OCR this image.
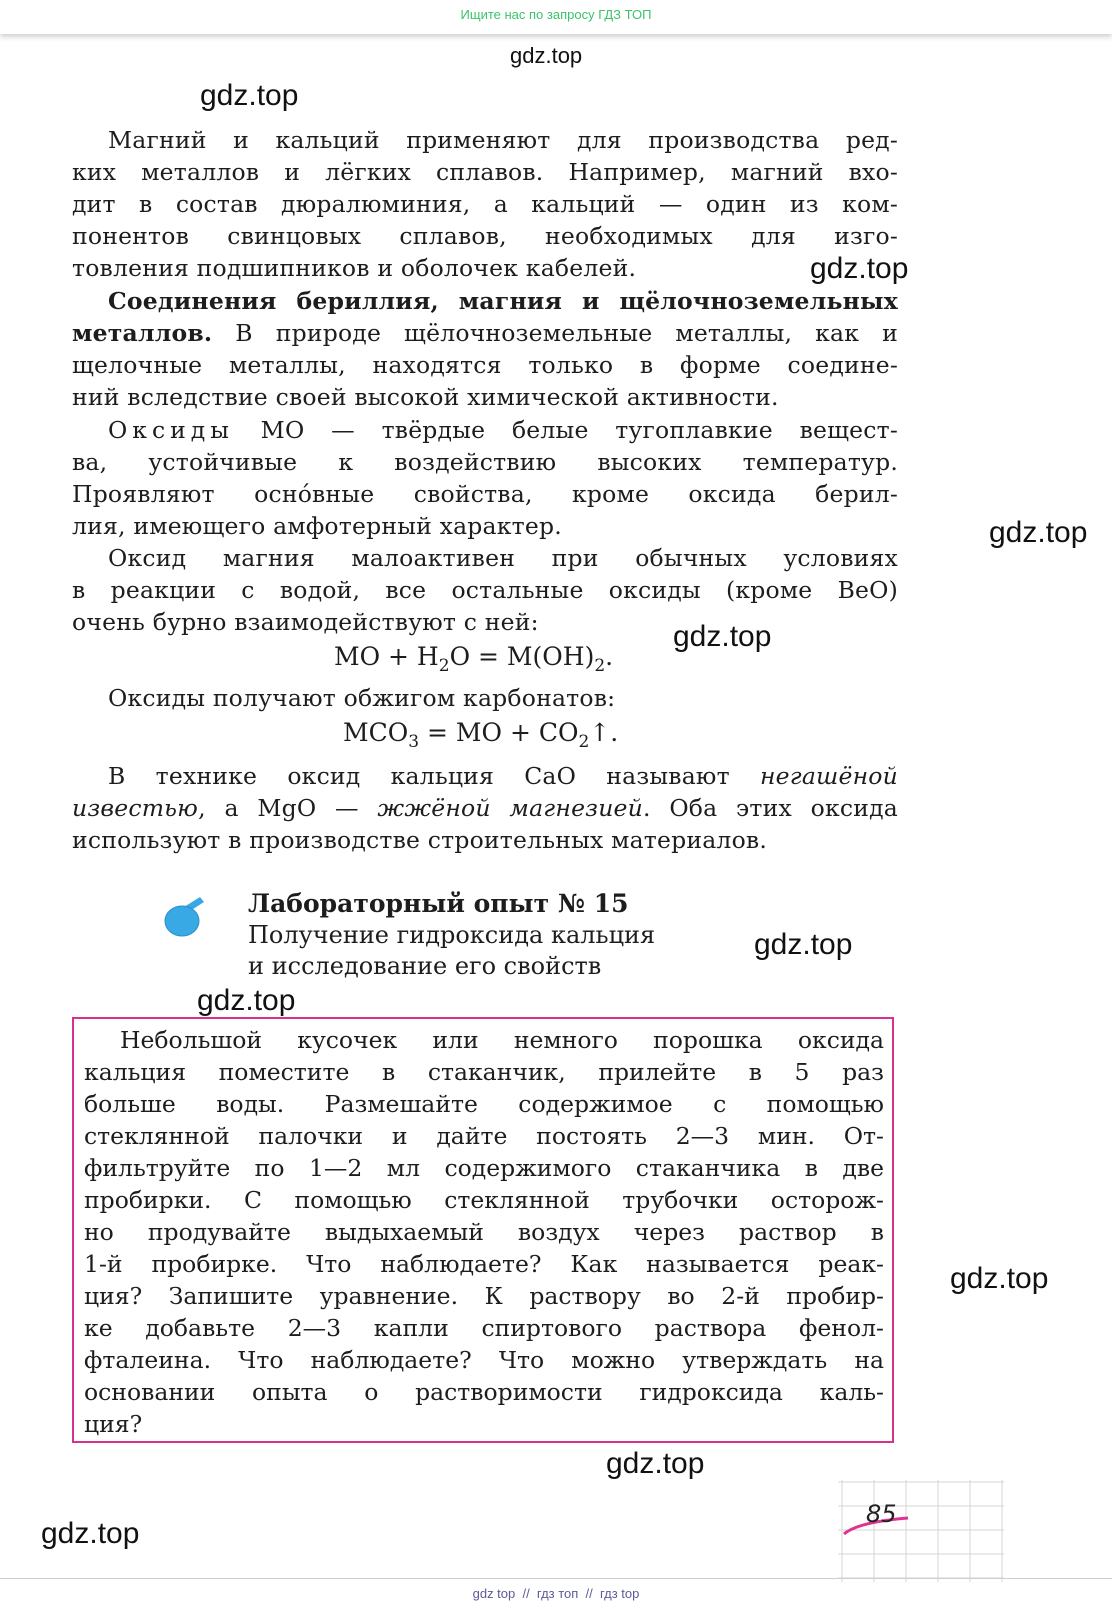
Ищите нас по запросу ГДЗ ТОП
gdz.top
gdz.top
gdz.top
gdz.top
gdz.top
gdz.top
gdz.top
gdz.top
gdz.top
gdz.top
Магний и кальций применяют для производства ред-
ких металлов и лёгких сплавов. Например, магний вхо-
дит в состав дюралюминия, а кальций — один из ком-
понентов свинцовых сплавов, необходимых для изго-
товления подшипников и оболочек кабелей.
Соединения бериллия, магния и щёлочноземельных
металлов. В природе щёлочноземельные металлы, как и
щелочные металлы, находятся только в форме соедине-
ний вследствие своей высокой химической активности.
Оксиды MO — твёрдые белые тугоплавкие вещест-
ва, устойчивые к воздействию высоких температур.
Проявляют оснóвные свойства, кроме оксида берил-
лия, имеющего амфотерный характер.
Оксид магния малоактивен при обычных условиях
в реакции с водой, все остальные оксиды (кроме BeO)
очень бурно взаимодействуют с ней:
MO + $H_2O = M(OH)_2$.
Оксиды получают обжигом карбонатов:
$MCO_3$ = MO + $CO_2↑$.
В технике оксид кальция CaO называют негашёной
известью, а MgO — жжёной магнезией. Оба этих оксида
используют в производстве строительных материалов.
Лабораторный опыт № 15
Получение гидроксида кальция
и исследование его свойств
Небольшой кусочек или немного порошка оксида
кальция поместите в стаканчик, прилейте в 5 раз
больше воды. Размешайте содержимое с помощью
стеклянной палочки и дайте постоять 2—3 мин. От-
фильтруйте по 1—2 мл содержимого стаканчика в две
пробирки. С помощью стеклянной трубочки осторож-
но продувайте выдыхаемый воздух через раствор в
1-й пробирке. Что наблюдаете? Как называется реак-
ция? Запишите уравнение. К раствору во 2-й пробир-
ке добавьте 2—3 капли спиртового раствора фенол-
фталеина. Что наблюдаете? Что можно утверждать на
основании опыта о растворимости гидроксида каль-
ция?
85
gdz top  //  гдз топ  //  гдз top
